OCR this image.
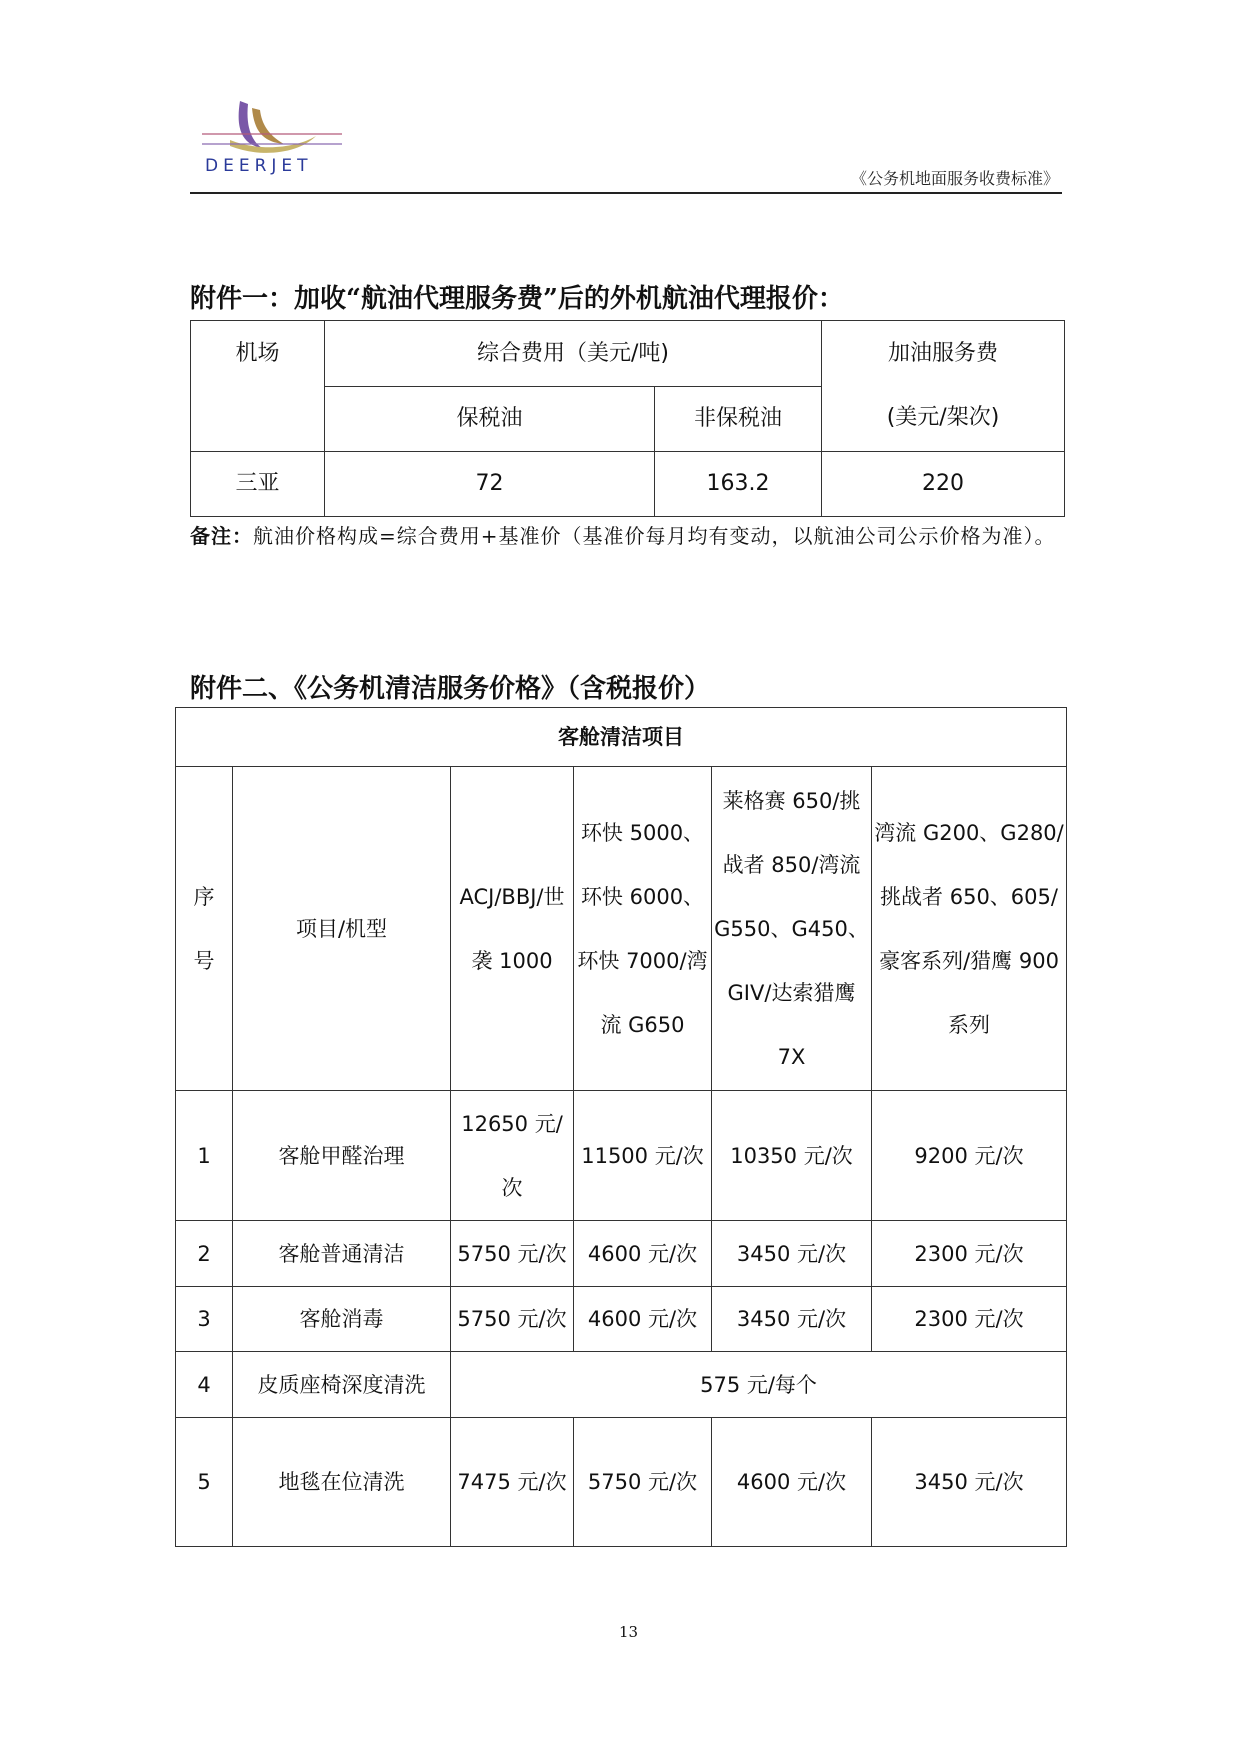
DEERJET
《公务机地面服务收费标准》
附件一：加收“航油代理服务费”后的外机航油代理报价：
机场	综合费用（美元/吨)		加油服务费
(美元/架次)

	保税油	非保税油	
三亚	72	163.2	220
备注：航油价格构成=综合费用+基准价（基准价每月均有变动，以航油公司公示价格为准）。
附件二、《公务机清洁服务价格》（含税报价）
客舱清洁项目					
序号	项目/机型	ACJ/BBJ/世袭 1000	环快 5000、环快 6000、环快 7000/湾流 G650	莱格赛 650/挑战者 850/湾流G550、G450、GIV/达索猎鹰7X	湾流 G200、G280/挑战者 650、605/豪客系列/猎鹰 900系列
1	客舱甲醛治理	12650 元/次	11500 元/次	10350 元/次	9200 元/次
2	客舱普通清洁	5750 元/次	4600 元/次	3450 元/次	2300 元/次
3	客舱消毒	5750 元/次	4600 元/次	3450 元/次	2300 元/次
4	皮质座椅深度清洗	575 元/每个			
5	地毯在位清洗	7475 元/次	5750 元/次	4600 元/次	3450 元/次
13
